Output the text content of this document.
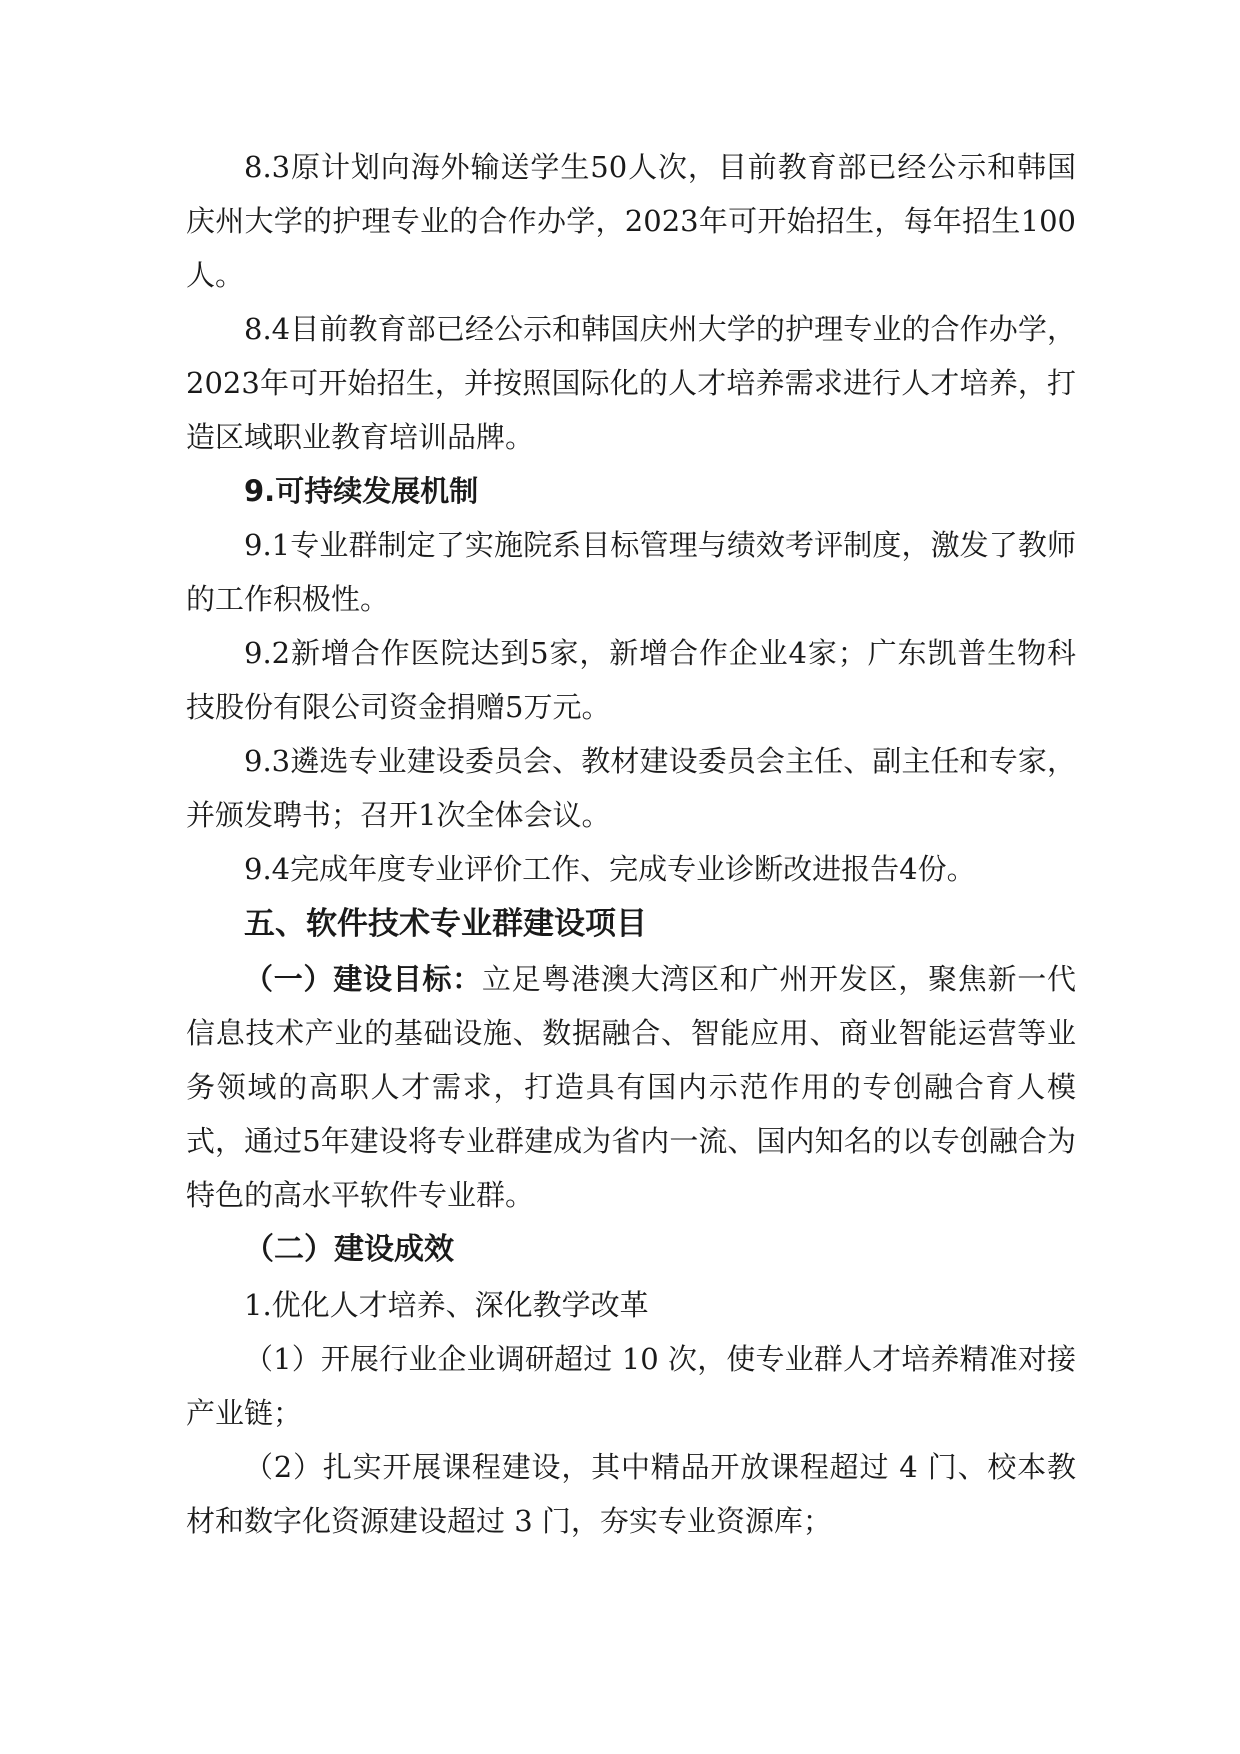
8.3原计划向海外输送学生50人次，目前教育部已经公示和韩国庆州大学的护理专业的合作办学，2023年可开始招生，每年招生100人。

8.4目前教育部已经公示和韩国庆州大学的护理专业的合作办学，2023年可开始招生，并按照国际化的人才培养需求进行人才培养，打造区域职业教育培训品牌。

9.可持续发展机制

9.1专业群制定了实施院系目标管理与绩效考评制度，激发了教师的工作积极性。

9.2新增合作医院达到5家，新增合作企业4家；广东凯普生物科技股份有限公司资金捐赠5万元。

9.3遴选专业建设委员会、教材建设委员会主任、副主任和专家，并颁发聘书；召开1次全体会议。

9.4完成年度专业评价工作、完成专业诊断改进报告4份。

五、软件技术专业群建设项目

（一）建设目标：立足粤港澳大湾区和广州开发区，聚焦新一代信息技术产业的基础设施、数据融合、智能应用、商业智能运营等业务领域的高职人才需求，打造具有国内示范作用的专创融合育人模式，通过5年建设将专业群建成为省内一流、国内知名的以专创融合为特色的高水平软件专业群。

（二）建设成效

1.优化人才培养、深化教学改革

（1）开展行业企业调研超过 10 次，使专业群人才培养精准对接产业链；

（2）扎实开展课程建设，其中精品开放课程超过 4 门、校本教材和数字化资源建设超过 3 门，夯实专业资源库；
